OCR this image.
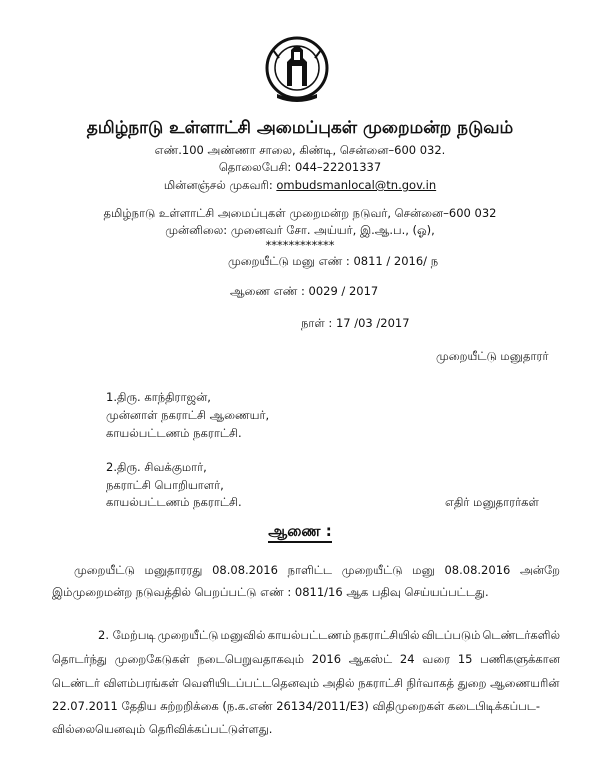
தமிழ்நாடு உள்ளாட்சி அமைப்புகள் முறைமன்ற நடுவம்
எண்.100 அண்ணா சாலை, கிண்டி, சென்னை–600 032.
தொலைபேசி: 044–22201337
மின்னஞ்சல் முகவரி: ombudsmanlocal@tn.gov.in
தமிழ்நாடு உள்ளாட்சி அமைப்புகள் முறைமன்ற நடுவர், சென்னை–600 032
முன்னிலை: முனைவர் சோ. அய்யர், இ.ஆ.ப., (ஓ),
************
முறையீட்டு மனு எண் : 0811 / 2016/ ந
ஆணை எண் : 0029 / 2017
நாள் : 17 /03 /2017
முறையீட்டு மனுதாரர்
1.திரு. காந்திராஜன்,
முன்னாள் நகராட்சி ஆணையர்,
காயல்பட்டணம் நகராட்சி.
2.திரு. சிவக்குமார்,
நகராட்சி பொறியாளர்,
காயல்பட்டணம் நகராட்சி.	எதிர் மனுதாரர்கள்
ஆணை :
முறையீட்டு மனுதாரரது 08.08.2016 நாளிட்ட முறையீட்டு மனு 08.08.2016 அன்றே
இம்முறைமன்ற நடுவத்தில் பெறப்பட்டு எண் : 0811/16 ஆக பதிவு செய்யப்பட்டது.
2. மேற்படி முறையீட்டு மனுவில் காயல்பட்டணம் நகராட்சியில் விடப்படும் டெண்டர்களில்
தொடர்ந்து முறைகேடுகள் நடைபெறுவதாகவும் 2016 ஆகஸ்ட் 24 வரை 15 பணிகளுக்கான
டெண்டர் விளம்பரங்கள் வெளியிடப்பட்டதெனவும் அதில் நகராட்சி நிர்வாகத் துறை ஆணையரின்
22.07.2011 தேதிய சுற்றறிக்கை (ந.க.எண் 26134/2011/E3) விதிமுறைகள் கடைபிடிக்கப்பட-
வில்லையெனவும் தெரிவிக்கப்பட்டுள்ளது.
